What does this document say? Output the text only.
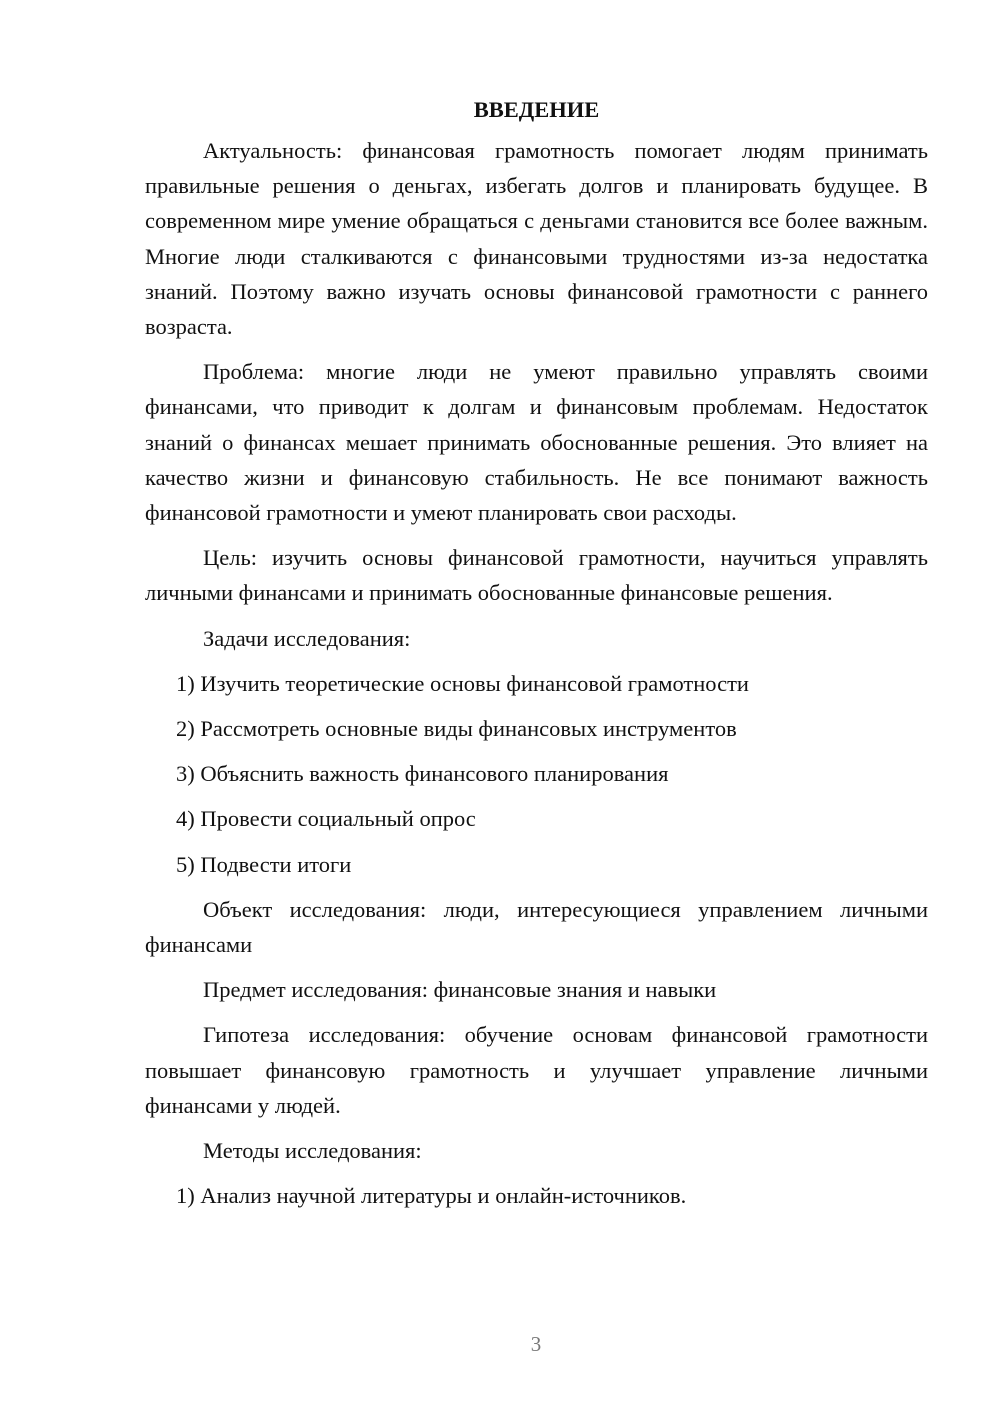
ВВЕДЕНИЕ

Актуальность: финансовая грамотность помогает людям принимать правильные решения о деньгах, избегать долгов и планировать будущее. В современном мире умение обращаться с деньгами становится все более важным. Многие люди сталкиваются с финансовыми трудностями из-за недостатка знаний. Поэтому важно изучать основы финансовой грамотности с раннего возраста.

Проблема: многие люди не умеют правильно управлять своими финансами, что приводит к долгам и финансовым проблемам. Недостаток знаний о финансах мешает принимать обоснованные решения. Это влияет на качество жизни и финансовую стабильность. Не все понимают важность финансовой грамотности и умеют планировать свои расходы.

Цель: изучить основы финансовой грамотности, научиться управлять личными финансами и принимать обоснованные финансовые решения.

Задачи исследования:

1) Изучить теоретические основы финансовой грамотности

2) Рассмотреть основные виды финансовых инструментов

3) Объяснить важность финансового планирования

4) Провести социальный опрос

5) Подвести итоги

Объект исследования: люди, интересующиеся управлением личными финансами

Предмет исследования: финансовые знания и навыки

Гипотеза исследования: обучение основам финансовой грамотности повышает финансовую грамотность и улучшает управление личными финансами у людей.

Методы исследования:

1) Анализ научной литературы и онлайн-источников.

3
